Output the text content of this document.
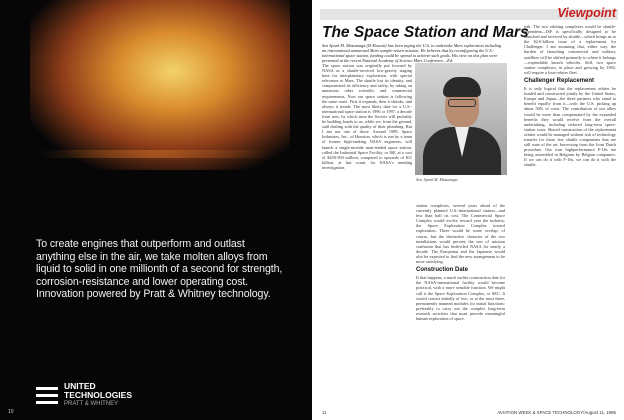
To create engines that outperform and outlast anything else in the air, we take molten alloys from liquid to solid in one millionth of a second for strength, corrosion-resistance and lower operating cost. Innovation powered by Pratt & Whitney technology.
UNITED
TECHNOLOGIES
PRATT & WHITNEY
10
Viewpoint
The Space Station and Mars
Sen Spark M. Matsunaga (D-Hawaii) has been urging the U.S. to undertake Mars exploration including an international unmanned Mars sample-return mission. He believes that by reconfiguring the U.S.-international space station, funding could be spread to achieve such goals. His view on this plan were presented at the recent National Academy of Science Mars Conference—Ed.
The space station was originally put forward by NASA as a shuttle-serviced low-gravity staging base for interplanetary exploration, with special relevance to Mars. The shuttle lost its identity, and compromised its efficiency and safety, by taking on numerous other scientific and commercial requirements. Now our space station is following the same route. First it expands, then it shrinks, and always it trends. The most likely date for a U.S.-international space station is 1996 or 1997, a decade from now, by which time the Soviets will probably be building bonds to us, while we, from the ground, stall dealing with the quality of their plumbing. But I am not one of those. Around 1989, Space Industries, Inc., of Houston, which is run by a team of former high-ranking NASA engineers, will launch a single-module man-tended space station, called the Industrial Space Facility, or ISF, at a cost of $200-300 million, compared to upwards of $11 billion, at last count, for NASA's trending investigation.
Sen. Spark M. Matsunaga
station complexes, several years ahead of the currently planned U.S.-international station—and less than half its cost. The Commercial Space Complex would evolve toward year the industry, the Space Exploration Complex toward exploration. There would be some overlap, of course, but the distinctive character of the two installations would prevent the sort of mission confusion that has bedeviled NASA for nearly a decade. The Europeans and the Japanese would also be expected to find the new arrangement to be more satisfying.
Construction Date
If that happens, a much earlier construction date for the NASA-international facility would become practical, with a more sensible function. We might call it the Space Exploration Complex, or SEC. It would consist initially of two, or at the most three, permanently manned modules for initial functions: preferably to carry out the complex long-term research activities that must precede meaningful human exploration of space.
risk. The two orbiting complexes would be shuttle-dependent—ISF is specifically designed to be launched and serviced by shuttle—which brings us to the $2.6-billion issue of a replacement for Challenger. I am assuming that, either way, the burden of launching commercial and military satellites will be shifted primarily to where it belongs—expendable launch vehicles. Still, two space station complexes, in place and growing by 1992, will require a four-orbiter fleet.
Challenger Replacement
It is only logical that the replacement orbiter be funded and constructed jointly by the United States, Europe and Japan—the three partners who stand to benefit equally from it—with the U.S. picking up about 50% of costs. The contribution of our allies would be more than compensated by the expanded benefits they would receive from the overall undertaking, including reduced long-term space-station costs. Shared construction of the replacement orbiter would be managed without risk of technology transfer for those few shuttle components that are still state of the art, borrowing from the Joint Dutch procedure. Our own highperformance F-16s are being assembled in Belgium by Belgian companies. If we can do it with F-16s, we can do it with the shuttle.
11	AVIATION WEEK & SPACE TECHNOLOGY/August 11, 1986
